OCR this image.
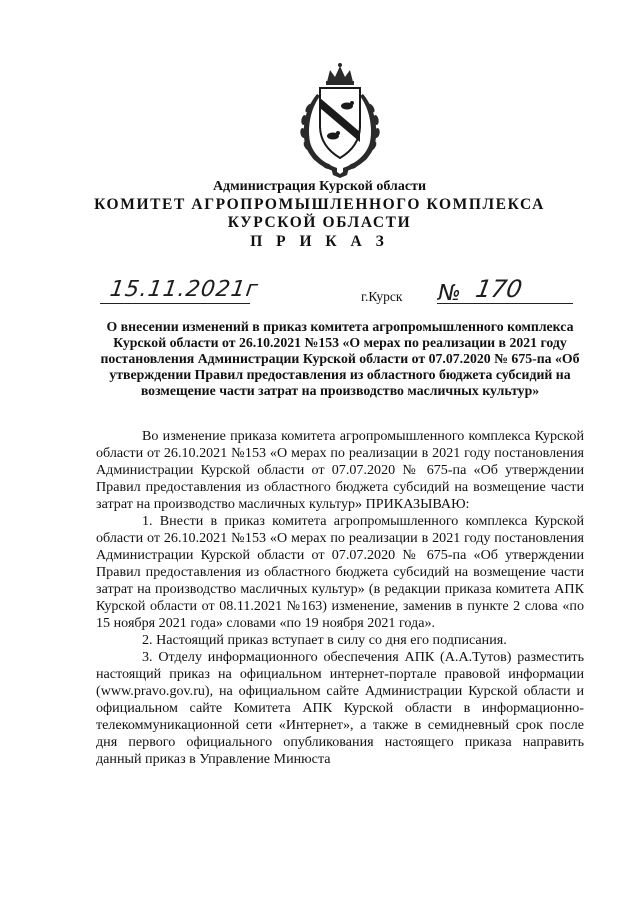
Администрация Курской области

КОМИТЕТ АГРОПРОМЫШЛЕННОГО КОМПЛЕКСА

КУРСКОЙ ОБЛАСТИ

П Р И К А З

15.11.2021г	г.Курск № 170

О внесении изменений в приказ комитета агропромышленного комплекса Курской области от 26.10.2021 №153 «О мерах по реализации в 2021 году постановления Администрации Курской области от 07.07.2020 № 675-па «Об утверждении Правил предоставления из областного бюджета субсидий на возмещение части затрат на производство масличных культур»

Во изменение приказа комитета агропромышленного комплекса Курской области от 26.10.2021 №153 «О мерах по реализации в 2021 году постановления Администрации Курской области от 07.07.2020 № 675-па «Об утверждении Правил предоставления из областного бюджета субсидий на возмещение части затрат на производство масличных культур» ПРИКАЗЫВАЮ:

1. Внести в приказ комитета агропромышленного комплекса Курской области от 26.10.2021 №153 «О мерах по реализации в 2021 году постановления Администрации Курской области от 07.07.2020 № 675-па «Об утверждении Правил предоставления из областного бюджета субсидий на возмещение части затрат на производство масличных культур» (в редакции приказа комитета АПК Курской области от 08.11.2021 №163) изменение, заменив в пункте 2 слова «по 15 ноября 2021 года» словами «по 19 ноября 2021 года».

2. Настоящий приказ вступает в силу со дня его подписания.

3. Отделу информационного обеспечения АПК (А.А.Тутов) разместить настоящий приказ на официальном интернет-портале правовой информации (www.pravo.gov.ru), на официальном сайте Администрации Курской области и официальном сайте Комитета АПК Курской области в информационно-телекоммуникационной сети «Интернет», а также в семидневный срок после дня первого официального опубликования настоящего приказа направить данный приказ в Управление Минюста
